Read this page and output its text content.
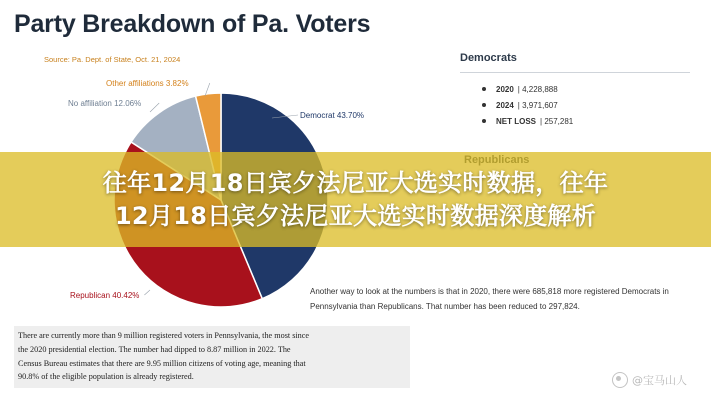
Party Breakdown of Pa. Voters
Source: Pa. Dept. of State, Oct. 21, 2024
Democrat 43.70%
Republican 40.42%
No affiliation 12.06%
Other affiliations 3.82%
Democrats
2020 | 4,228,888
2024 | 3,971,607
NET LOSS | 257,281
Another way to look at the numbers is that in 2020, there were 685,818 more registered Democrats in Pennsylvania than Republicans. That number has been reduced to 297,824.
There are currently more than 9 million registered voters in Pennsylvania, the most since
the 2020 presidential election. The number had dipped to 8.87 million in 2022. The
Census Bureau estimates that there are 9.95 million citizens of voting age, meaning that
90.8% of the eligible population is already registered.
往年12月18日宾夕法尼亚大选实时数据，往年
12月18日宾夕法尼亚大选实时数据深度解析
@宝马山人
